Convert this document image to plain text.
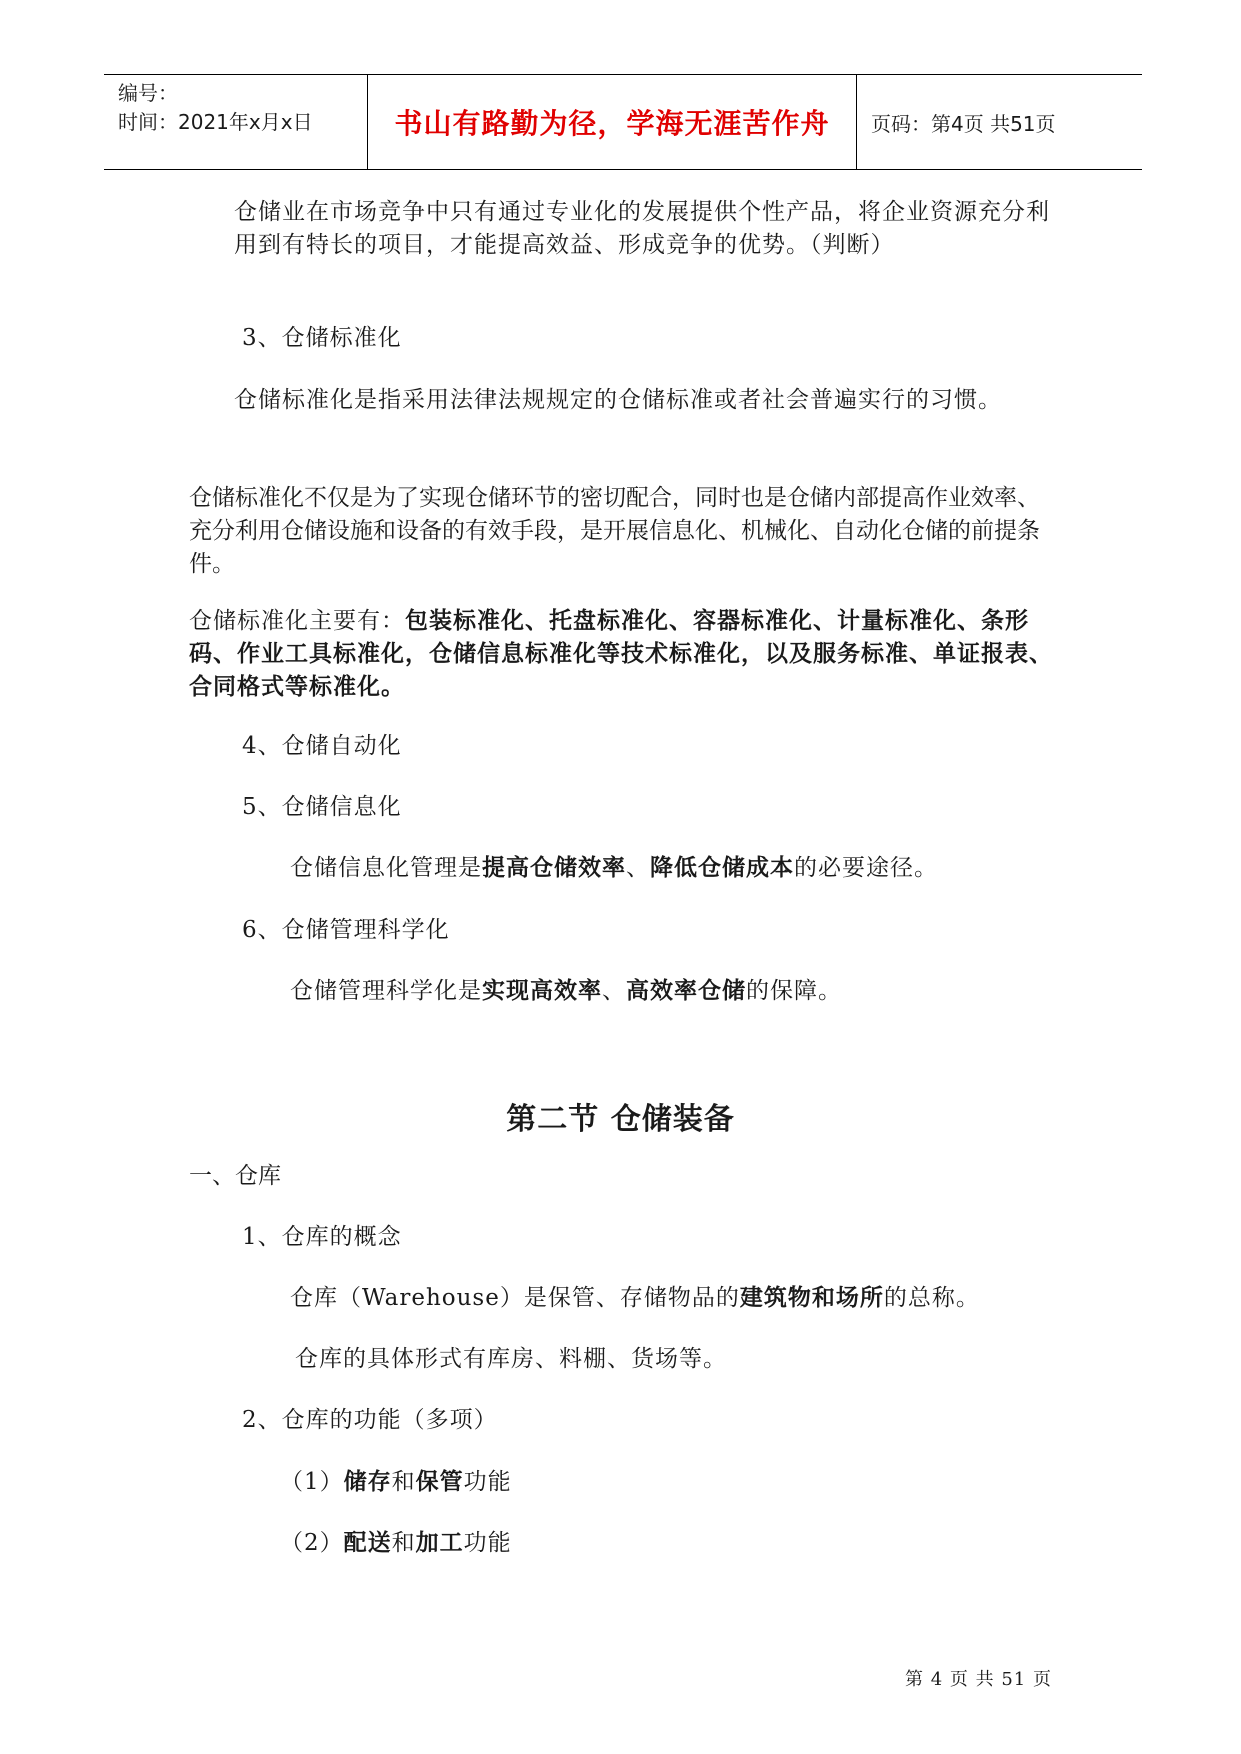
编号：
时间：2021年x月x日	书山有路勤为径，学海无涯苦作舟	页码：第4页 共51页

仓储业在市场竞争中只有通过专业化的发展提供个性产品，将企业资源充分利用到有特长的项目，才能提高效益、形成竞争的优势。（判断）

3、仓储标准化

仓储标准化是指采用法律法规规定的仓储标准或者社会普遍实行的习惯。

仓储标准化不仅是为了实现仓储环节的密切配合，同时也是仓储内部提高作业效率、充分利用仓储设施和设备的有效手段，是开展信息化、机械化、自动化仓储的前提条件。

仓储标准化主要有：包装标准化、托盘标准化、容器标准化、计量标准化、条形码、作业工具标准化，仓储信息标准化等技术标准化，以及服务标准、单证报表、合同格式等标准化。

4、仓储自动化

5、仓储信息化

仓储信息化管理是提高仓储效率、降低仓储成本的必要途径。

6、仓储管理科学化

仓储管理科学化是实现高效率、高效率仓储的保障。

第二节 仓储装备

一、仓库

1、仓库的概念

仓库（Warehouse）是保管、存储物品的建筑物和场所的总称。

仓库的具体形式有库房、料棚、货场等。

2、仓库的功能（多项）

（1）储存和保管功能

（2）配送和加工功能

第 4 页 共 51 页
